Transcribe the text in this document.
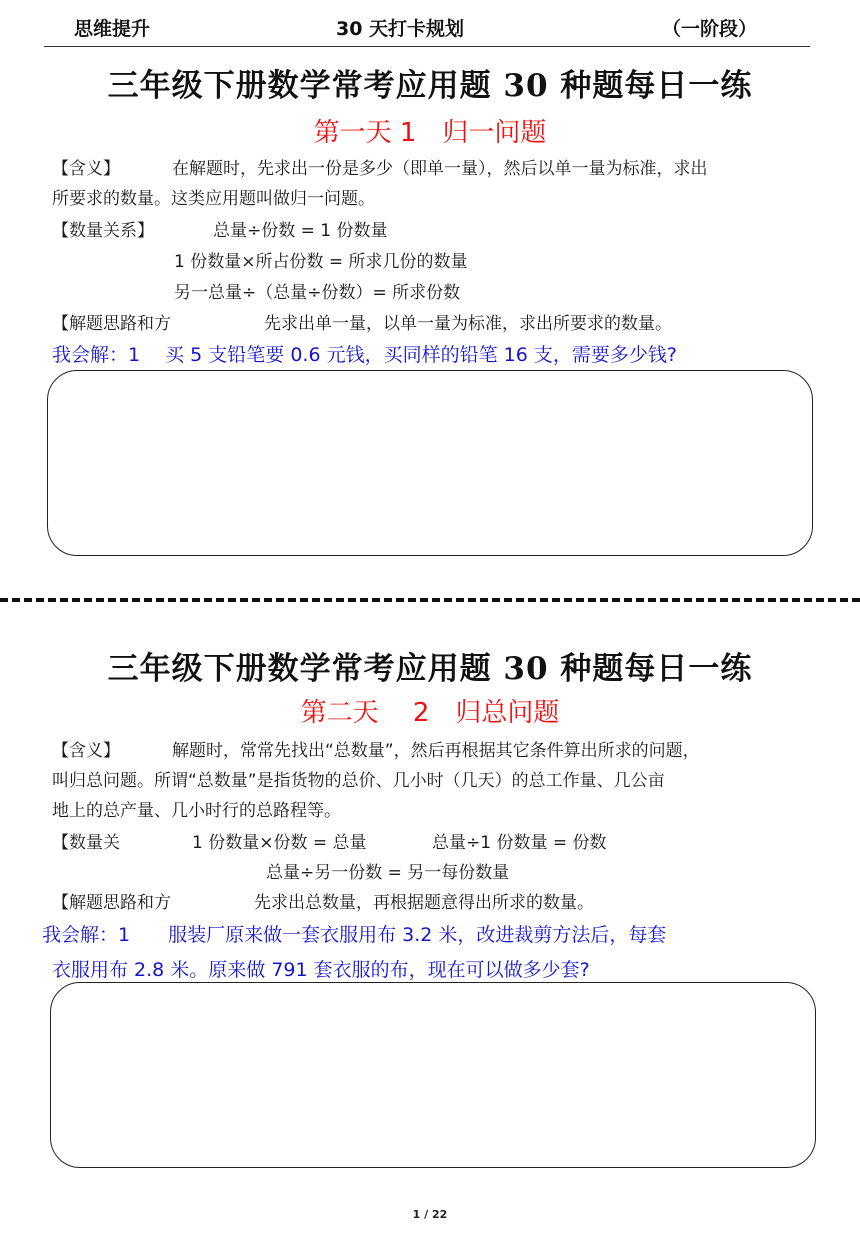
思维提升	30 天打卡规划	（一阶段）
三年级下册数学常考应用题 30 种题每日一练
第一天 1　归一问题
【含义】	在解题时，先求出一份是多少（即单一量），然后以单一量为标准，求出
所要求的数量。这类应用题叫做归一问题。
【数量关系】	总量÷份数 = 1 份数量
1 份数量×所占份数 = 所求几份的数量
另一总量÷（总量÷份数）= 所求份数
【解题思路和方	先求出单一量，以单一量为标准，求出所要求的数量。
我会解：1　 买 5 支铅笔要 0.6 元钱，买同样的铅笔 16 支，需要多少钱?
三年级下册数学常考应用题 30 种题每日一练
第二天　 2　归总问题
【含义】	解题时，常常先找出“总数量”，然后再根据其它条件算出所求的问题，
叫归总问题。所谓“总数量”是指货物的总价、几小时（几天）的总工作量、几公亩
地上的总产量、几小时行的总路程等。
【数量关	1 份数量×份数 = 总量	总量÷1 份数量 = 份数
总量÷另一份数 = 另一每份数量
【解题思路和方	先求出总数量，再根据题意得出所求的数量。
我会解：1　　服装厂原来做一套衣服用布 3.2 米，改进裁剪方法后，每套
衣服用布 2.8 米。原来做 791 套衣服的布，现在可以做多少套?
1 / 22
